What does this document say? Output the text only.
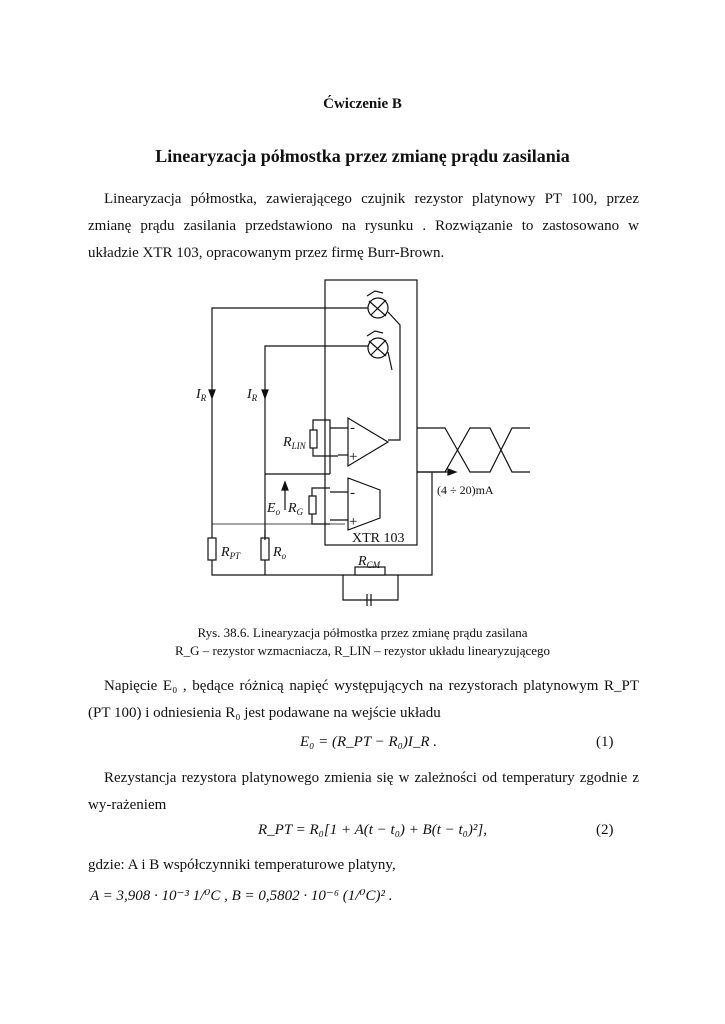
Ćwiczenie B
Linearyzacja półmostka przez zmianę prądu zasilania
Linearyzacja półmostka, zawierającego czujnik rezystor platynowy PT 100, przez zmianę prądu zasilania przedstawiono na rysunku . Rozwiązanie to zastosowano w układzie XTR 103, opracowanym przez firmę Burr-Brown.
$I_R$	$I_R$
$R_{LIN}$
$E_o$ $R_G$
XTR 103
$R_{PT}$ $R_o$	$R_{CM}$
(4 ÷ 20)mA
-
+
-
+
Rys. 38.6. Linearyzacja półmostka przez zmianę prądu zasilana
R_G – rezystor wzmacniacza, R_LIN – rezystor układu linearyzującego
Napięcie E₀ , będące różnicą napięć występujących na rezystorach platynowym R_PT (PT 100) i odniesienia R₀ jest podawane na wejście układu
E₀ = (R_PT − R₀)I_R .	(1)
Rezystancja rezystora platynowego zmienia się w zależności od temperatury zgodnie z wy-rażeniem
R_PT = R₀[1 + A(t − t₀) + B(t − t₀)²],	(2)
gdzie: A i B współczynniki temperaturowe platyny,
A = 3,908 · 10⁻³ 1/⁰C , B = 0,5802 · 10⁻⁶ (1/⁰C)² .
